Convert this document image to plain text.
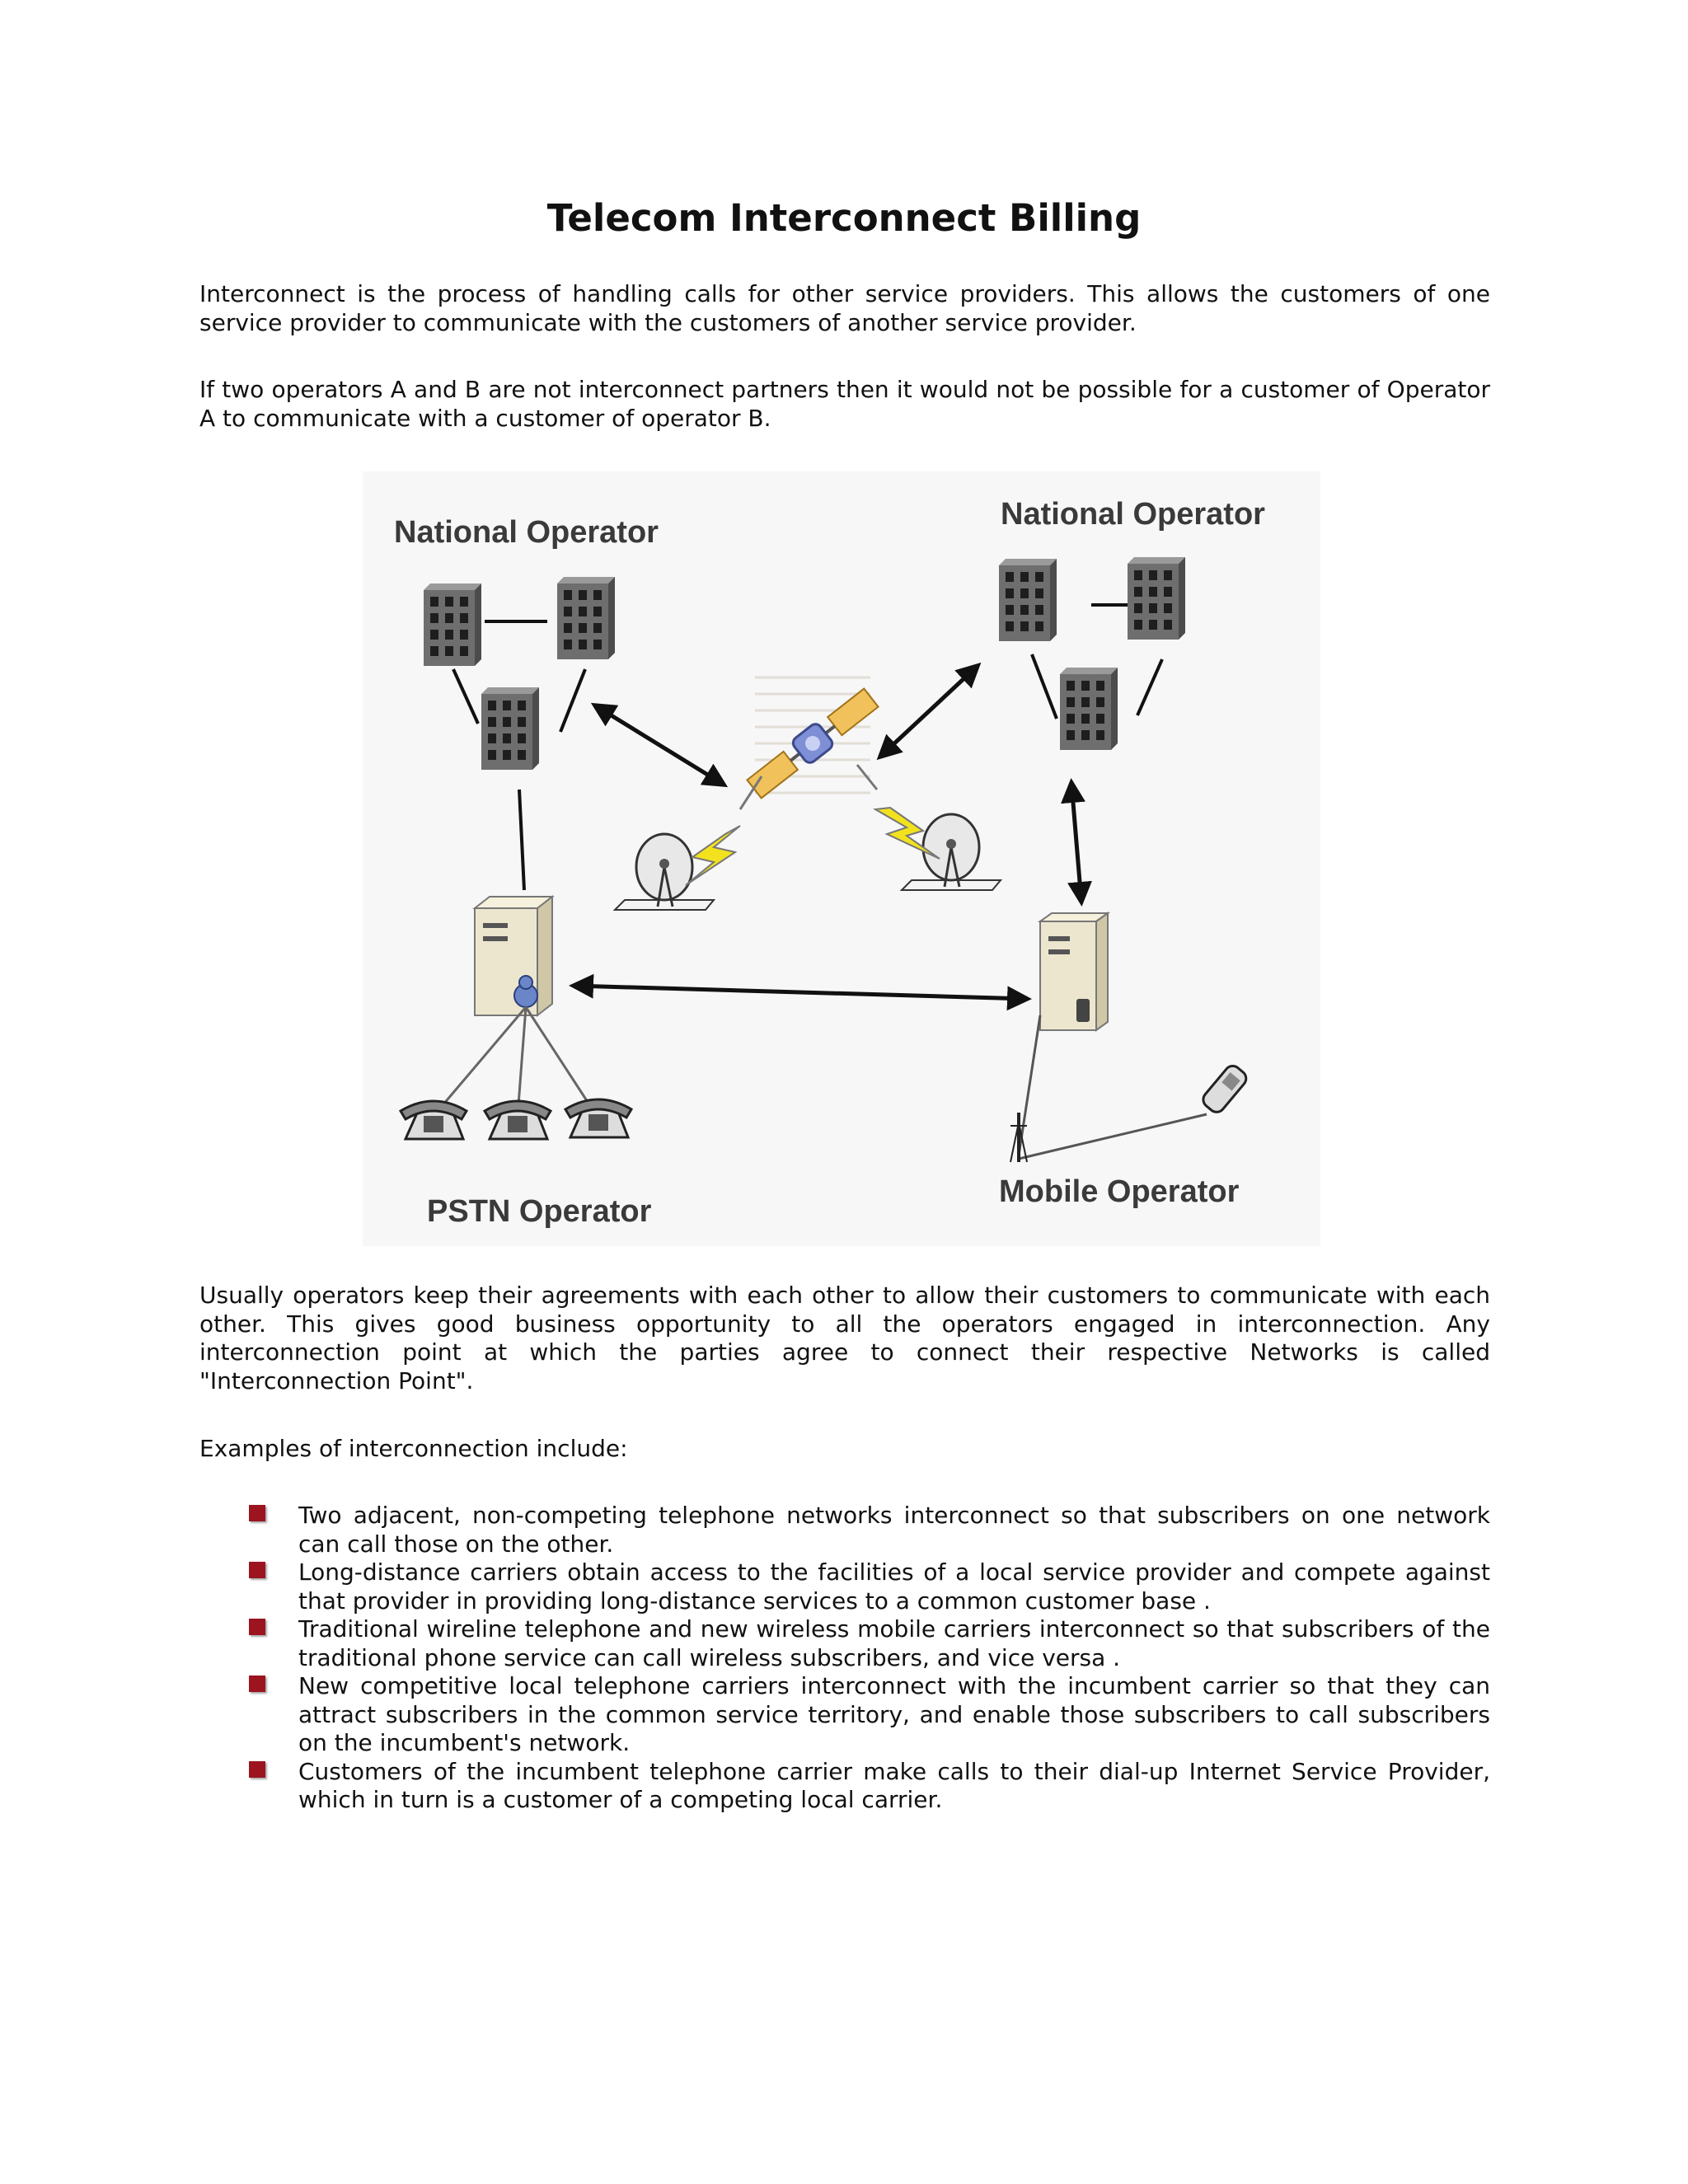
Telecom Interconnect Billing

Interconnect is the process of handling calls for other service providers. This allows the customers of one service provider to communicate with the customers of another service provider.

If two operators A and B are not interconnect partners then it would not be possible for a customer of Operator A to communicate with a customer of operator B.

National Operator
National Operator
PSTN Operator
Mobile Operator

Usually operators keep their agreements with each other to allow their customers to communicate with each other. This gives good business opportunity to all the operators engaged in interconnection. Any interconnection point at which the parties agree to connect their respective Networks is called "Interconnection Point".

Examples of interconnection include:

Two adjacent, non-competing telephone networks interconnect so that subscribers on one network can call those on the other.
Long-distance carriers obtain access to the facilities of a local service provider and compete against that provider in providing long-distance services to a common customer base .
Traditional wireline telephone and new wireless mobile carriers interconnect so that subscribers of the traditional phone service can call wireless subscribers, and vice versa .
New competitive local telephone carriers interconnect with the incumbent carrier so that they can attract subscribers in the common service territory, and enable those subscribers to call subscribers on the incumbent's network.
Customers of the incumbent telephone carrier make calls to their dial-up Internet Service Provider, which in turn is a customer of a competing local carrier.
